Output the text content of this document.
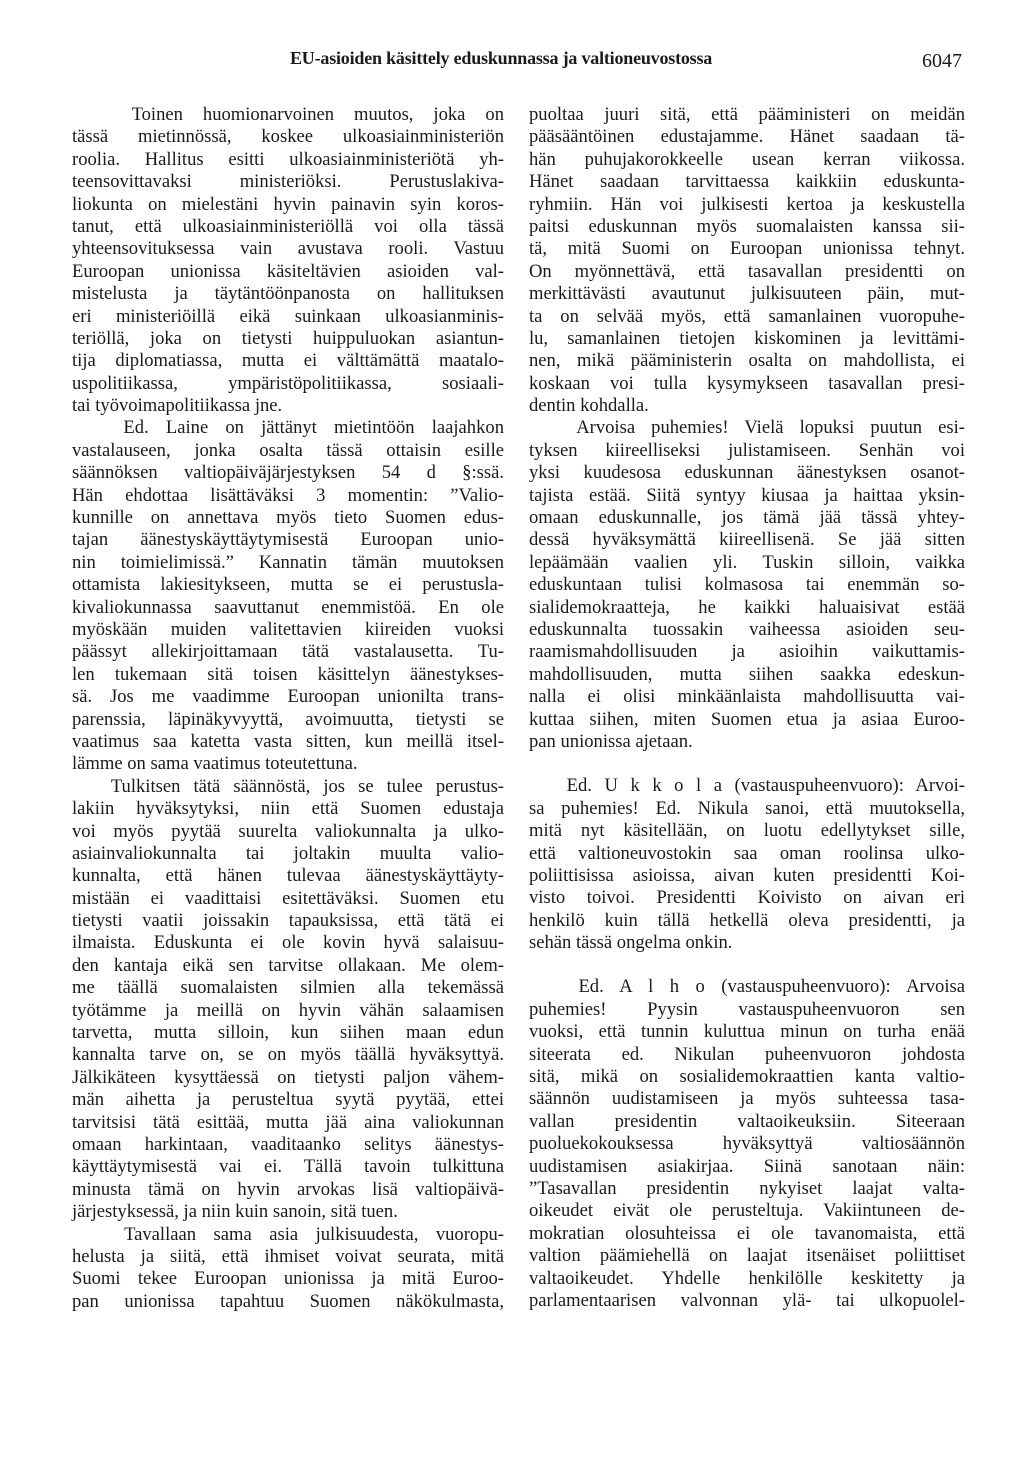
EU-asioiden käsittely eduskunnassa ja valtioneuvostossa	6047
Toinen huomionarvoinen muutos, joka on
tässä mietinnössä, koskee ulkoasiainministeriön
roolia. Hallitus esitti ulkoasiainministeriötä yh-
teensovittavaksi ministeriöksi. Perustuslakiva-
liokunta on mielestäni hyvin painavin syin koros-
tanut, että ulkoasiainministeriöllä voi olla tässä
yhteensovituksessa vain avustava rooli. Vastuu
Euroopan unionissa käsiteltävien asioiden val-
mistelusta ja täytäntöönpanosta on hallituksen
eri ministeriöillä eikä suinkaan ulkoasianminis-
teriöllä, joka on tietysti huippuluokan asiantun-
tija diplomatiassa, mutta ei välttämättä maatalo-
uspolitiikassa, ympäristöpolitiikassa, sosiaali-
tai työvoimapolitiikassa jne.
Ed. Laine on jättänyt mietintöön laajahkon
vastalauseen, jonka osalta tässä ottaisin esille
säännöksen valtiopäiväjärjestyksen 54 d §:ssä.
Hän ehdottaa lisättäväksi 3 momentin: ”Valio-
kunnille on annettava myös tieto Suomen edus-
tajan äänestyskäyttäytymisestä Euroopan unio-
nin toimielimissä.” Kannatin tämän muutoksen
ottamista lakiesitykseen, mutta se ei perustusla-
kivaliokunnassa saavuttanut enemmistöä. En ole
myöskään muiden valitettavien kiireiden vuoksi
päässyt allekirjoittamaan tätä vastalausetta. Tu-
len tukemaan sitä toisen käsittelyn äänestykses-
sä. Jos me vaadimme Euroopan unionilta trans-
parenssia, läpinäkyvyyttä, avoimuutta, tietysti se
vaatimus saa katetta vasta sitten, kun meillä itsel-
lämme on sama vaatimus toteutettuna.
Tulkitsen tätä säännöstä, jos se tulee perustus-
lakiin hyväksytyksi, niin että Suomen edustaja
voi myös pyytää suurelta valiokunnalta ja ulko-
asiainvaliokunnalta tai joltakin muulta valio-
kunnalta, että hänen tulevaa äänestyskäyttäyty-
mistään ei vaadittaisi esitettäväksi. Suomen etu
tietysti vaatii joissakin tapauksissa, että tätä ei
ilmaista. Eduskunta ei ole kovin hyvä salaisuu-
den kantaja eikä sen tarvitse ollakaan. Me olem-
me täällä suomalaisten silmien alla tekemässä
työtämme ja meillä on hyvin vähän salaamisen
tarvetta, mutta silloin, kun siihen maan edun
kannalta tarve on, se on myös täällä hyväksyttyä.
Jälkikäteen kysyttäessä on tietysti paljon vähem-
män aihetta ja perusteltua syytä pyytää, ettei
tarvitsisi tätä esittää, mutta jää aina valiokunnan
omaan harkintaan, vaaditaanko selitys äänestys-
käyttäytymisestä vai ei. Tällä tavoin tulkittuna
minusta tämä on hyvin arvokas lisä valtiopäivä-
järjestyksessä, ja niin kuin sanoin, sitä tuen.
Tavallaan sama asia julkisuudesta, vuoropu-
helusta ja siitä, että ihmiset voivat seurata, mitä
Suomi tekee Euroopan unionissa ja mitä Euroo-
pan unionissa tapahtuu Suomen näkökulmasta,
puoltaa juuri sitä, että pääministeri on meidän
pääsääntöinen edustajamme. Hänet saadaan tä-
hän puhujakorokkeelle usean kerran viikossa.
Hänet saadaan tarvittaessa kaikkiin eduskunta-
ryhmiin. Hän voi julkisesti kertoa ja keskustella
paitsi eduskunnan myös suomalaisten kanssa sii-
tä, mitä Suomi on Euroopan unionissa tehnyt.
On myönnettävä, että tasavallan presidentti on
merkittävästi avautunut julkisuuteen päin, mut-
ta on selvää myös, että samanlainen vuoropuhe-
lu, samanlainen tietojen kiskominen ja levittämi-
nen, mikä pääministerin osalta on mahdollista, ei
koskaan voi tulla kysymykseen tasavallan presi-
dentin kohdalla.
Arvoisa puhemies! Vielä lopuksi puutun esi-
tyksen kiireelliseksi julistamiseen. Senhän voi
yksi kuudesosa eduskunnan äänestyksen osanot-
tajista estää. Siitä syntyy kiusaa ja haittaa yksin-
omaan eduskunnalle, jos tämä jää tässä yhtey-
dessä hyväksymättä kiireellisenä. Se jää sitten
lepäämään vaalien yli. Tuskin silloin, vaikka
eduskuntaan tulisi kolmasosa tai enemmän so-
sialidemokraatteja, he kaikki haluaisivat estää
eduskunnalta tuossakin vaiheessa asioiden seu-
raamismahdollisuuden ja asioihin vaikuttamis-
mahdollisuuden, mutta siihen saakka edeskun-
nalla ei olisi minkäänlaista mahdollisuutta vai-
kuttaa siihen, miten Suomen etua ja asiaa Euroo-
pan unionissa ajetaan.
Ed. U k k o l a (vastauspuheenvuoro): Arvoi-
sa puhemies! Ed. Nikula sanoi, että muutoksella,
mitä nyt käsitellään, on luotu edellytykset sille,
että valtioneuvostokin saa oman roolinsa ulko-
poliittisissa asioissa, aivan kuten presidentti Koi-
visto toivoi. Presidentti Koivisto on aivan eri
henkilö kuin tällä hetkellä oleva presidentti, ja
sehän tässä ongelma onkin.
Ed. A l h o (vastauspuheenvuoro): Arvoisa
puhemies! Pyysin vastauspuheenvuoron sen
vuoksi, että tunnin kuluttua minun on turha enää
siteerata ed. Nikulan puheenvuoron johdosta
sitä, mikä on sosialidemokraattien kanta valtio-
säännön uudistamiseen ja myös suhteessa tasa-
vallan presidentin valtaoikeuksiin. Siteeraan
puoluekokouksessa hyväksyttyä valtiosäännön
uudistamisen asiakirjaa. Siinä sanotaan näin:
”Tasavallan presidentin nykyiset laajat valta-
oikeudet eivät ole perusteltuja. Vakiintuneen de-
mokratian olosuhteissa ei ole tavanomaista, että
valtion päämiehellä on laajat itsenäiset poliittiset
valtaoikeudet. Yhdelle henkilölle keskitetty ja
parlamentaarisen valvonnan ylä- tai ulkopuolel-
